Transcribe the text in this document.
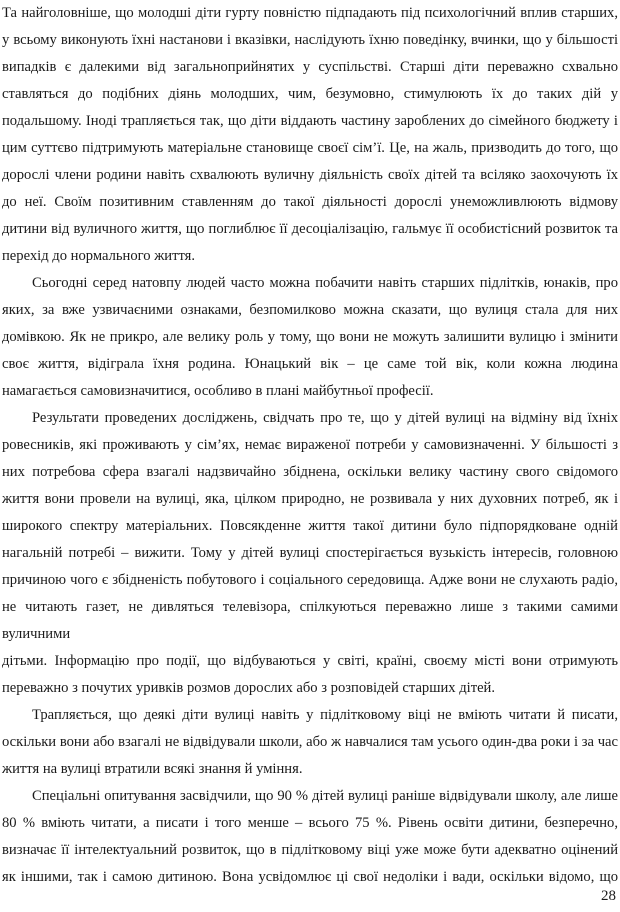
Та найголовніше, що молодші діти гурту повністю підпадають під психологічний вплив старших, у всьому виконують їхні настанови і вказівки, наслідують їхню поведінку, вчинки, що у більшості випадків є далекими від загальноприйнятих у суспільстві. Старші діти переважно схвально ставляться до подібних діянь молодших, чим, безумовно, стимулюють їх до таких дій у подальшому. Іноді трапляється так, що діти віддають частину зароблених до сімейного бюджету і цим суттєво підтримують матеріальне становище своєї сім’ї. Це, на жаль, призводить до того, що дорослі члени родини навіть схвалюють вуличну діяльність своїх дітей та всіляко заохочують їх до неї. Своїм позитивним ставленням до такої діяльності дорослі унеможливлюють відмову дитини від вуличного життя, що поглиблює її десоціалізацію, гальмує її особистісний розвиток та перехід до нормального життя.

Сьогодні серед натовпу людей часто можна побачити навіть старших підлітків, юнаків, про яких, за вже узвичаєними ознаками, безпомилково можна сказати, що вулиця стала для них домівкою. Як не прикро, але велику роль у тому, що вони не можуть залишити вулицю і змінити своє життя, відіграла їхня родина. Юнацький вік – це саме той вік, коли кожна людина намагається самовизначитися, особливо в плані майбутньої професії.

Результати проведених досліджень, свідчать про те, що у дітей вулиці на відміну від їхніх ровесників, які проживають у сім’ях, немає вираженої потреби у самовизначенні. У більшості з них потребова сфера взагалі надзвичайно збіднена, оскільки велику частину свого свідомого життя вони провели на вулиці, яка, цілком природно, не розвивала у них духовних потреб, як і широкого спектру матеріальних. Повсякденне життя такої дитини було підпорядковане одній нагальній потребі – вижити. Тому у дітей вулиці спостерігається вузькість інтересів, головною причиною чого є збідненість побутового і соціального середовища. Адже вони не слухають радіо, не читають газет, не дивляться телевізора, спілкуються переважно лише з такими самими вуличними

дітьми. Інформацію про події, що відбуваються у світі, країні, своєму місті вони отримують переважно з почутих уривків розмов дорослих або з розповідей старших дітей.

Трапляється, що деякі діти вулиці навіть у підлітковому віці не вміють читати й писати, оскільки вони або взагалі не відвідували школи, або ж навчалися там усього один-два роки і за час життя на вулиці втратили всякі знання й уміння.

Спеціальні опитування засвідчили, що 90 % дітей вулиці раніше відвідували школу, але лише 80 % вміють читати, а писати і того менше – всього 75 %. Рівень освіти дитини, безперечно, визначає її інтелектуальний розвиток, що в підлітковому віці уже може бути адекватно оцінений як іншими, так і самою дитиною. Вона усвідомлює ці свої недоліки і вади, оскільки відомо, що

28
